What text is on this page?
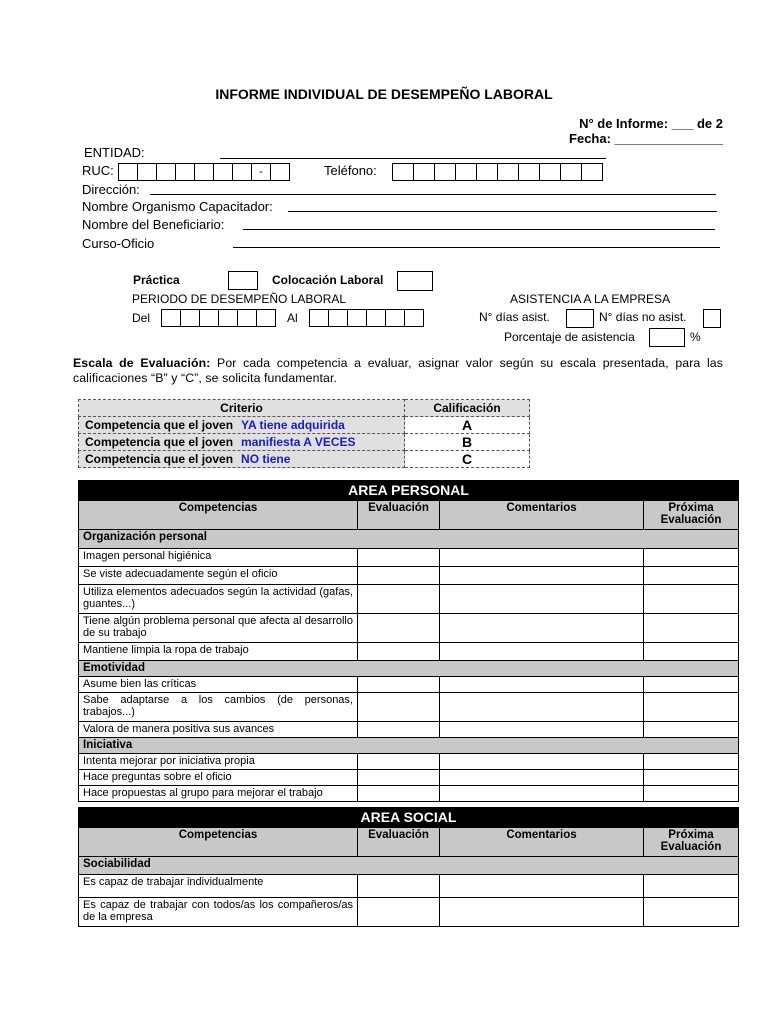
INFORME INDIVIDUAL DE DESEMPEÑO LABORAL
N° de Informe: ___ de 2
Fecha: _______________
ENTIDAD:
RUC:	-	Teléfono:
Dirección:
Nombre Organismo Capacitador:
Nombre del Beneficiario:
Curso-Oficio
Práctica	Colocación Laboral
PERIODO DE DESEMPEÑO LABORAL
Del	Al
ASISTENCIA A LA EMPRESA
N° días asist.	N° días no asist.
Porcentaje de asistencia	%
Escala de Evaluación: Por cada competencia a evaluar, asignar valor según su escala presentada, para las calificaciones “B” y “C”, se solicita fundamentar.
Criterio	Calificación
Competencia que el joven YA tiene adquirida	A
Competencia que el joven manifiesta A VECES	B
Competencia que el joven NO tiene	C
AREA PERSONAL			
Competencias	Evaluación	Comentarios	Próxima Evaluación
Organización personal			
Imagen personal higiénica			
Se viste adecuadamente según el oficio			
Utiliza elementos adecuados según la actividad (gafas, guantes...)			
Tiene algún problema personal que afecta al desarrollo de su trabajo			
Mantiene limpia la ropa de trabajo			
Emotividad			
Asume bien las críticas			
Sabe adaptarse a los cambios (de personas, trabajos...)			
Valora de manera positiva sus avances			
Iniciativa			
Intenta mejorar por iniciativa propia			
Hace preguntas sobre el oficio			
Hace propuestas al grupo para mejorar el trabajo			
AREA SOCIAL			
Competencias	Evaluación	Comentarios	Próxima Evaluación
Sociabilidad			
Es capaz de trabajar individualmente			
Es capaz de trabajar con todos/as los compañeros/as de la empresa			
